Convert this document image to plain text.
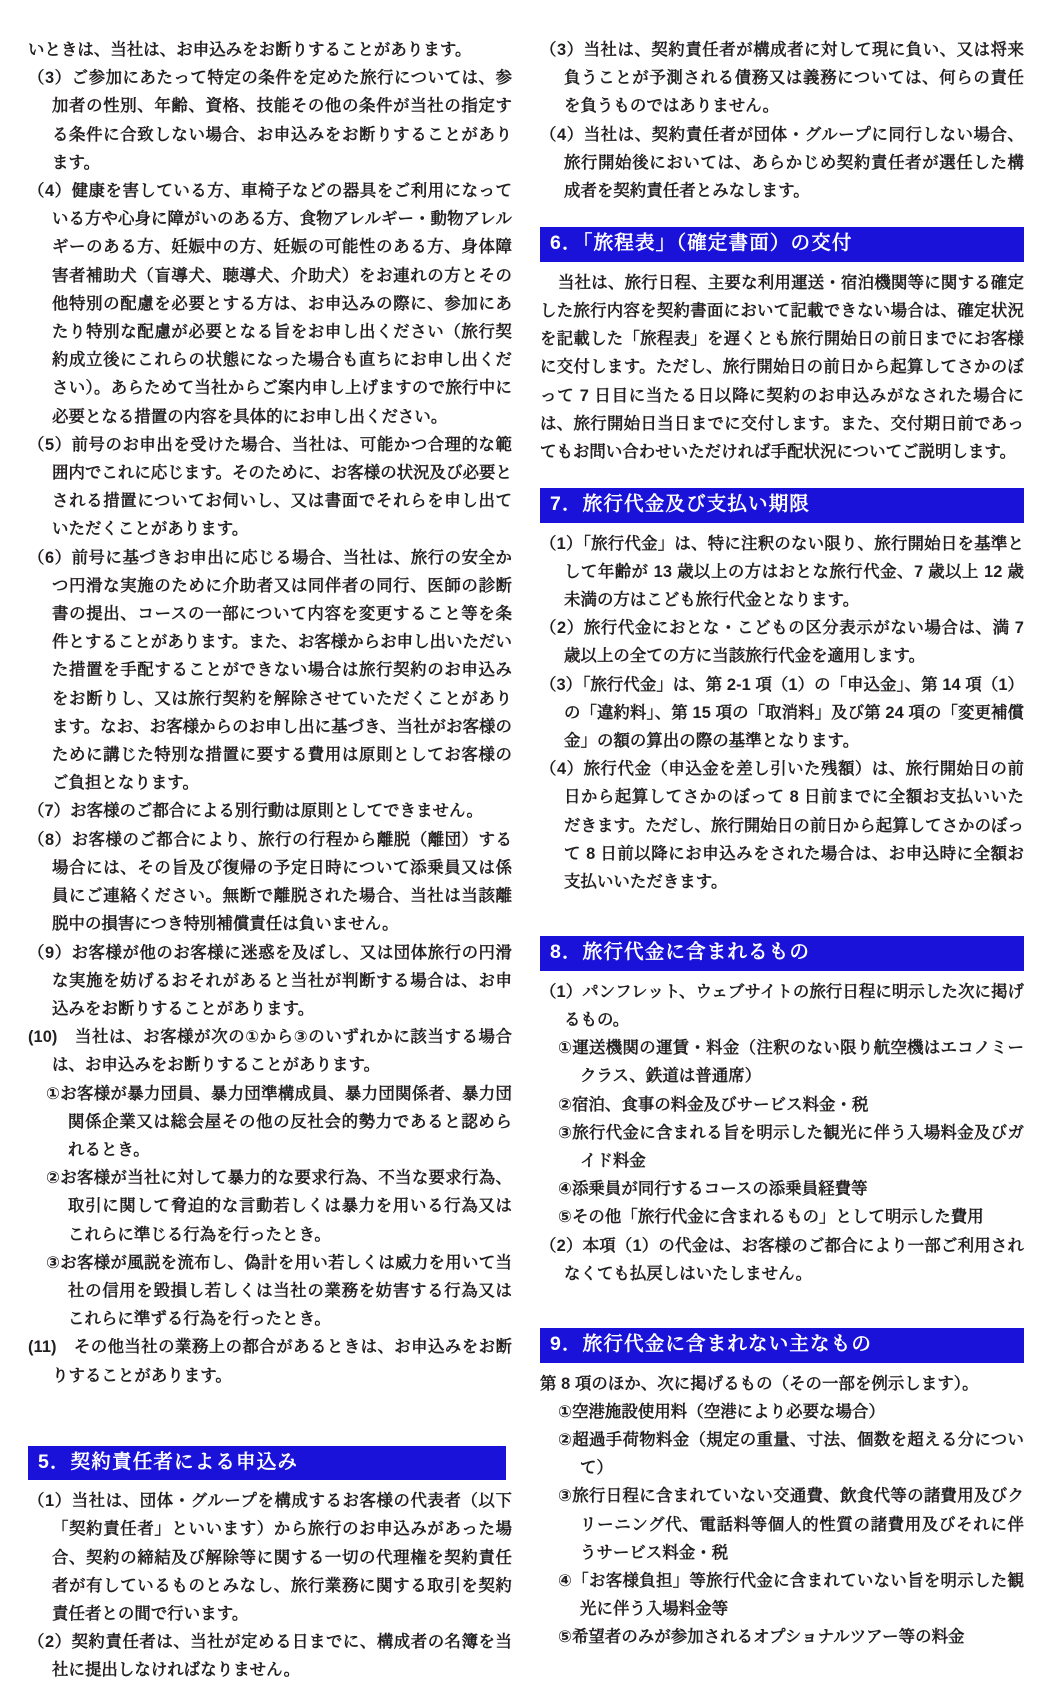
いときは、当社は、お申込みをお断りすることがあります。

（3）ご参加にあたって特定の条件を定めた旅行については、参加者の性別、年齢、資格、技能その他の条件が当社の指定する条件に合致しない場合、お申込みをお断りすることがあります。

（4）健康を害している方、車椅子などの器具をご利用になっている方や心身に障がいのある方、食物アレルギー・動物アレルギーのある方、妊娠中の方、妊娠の可能性のある方、身体障害者補助犬（盲導犬、聴導犬、介助犬）をお連れの方とその他特別の配慮を必要とする方は、お申込みの際に、参加にあたり特別な配慮が必要となる旨をお申し出ください（旅行契約成立後にこれらの状態になった場合も直ちにお申し出ください）。あらためて当社からご案内申し上げますので旅行中に必要となる措置の内容を具体的にお申し出ください。

（5）前号のお申出を受けた場合、当社は、可能かつ合理的な範囲内でこれに応じます。そのために、お客様の状況及び必要とされる措置についてお伺いし、又は書面でそれらを申し出ていただくことがあります。

（6）前号に基づきお申出に応じる場合、当社は、旅行の安全かつ円滑な実施のために介助者又は同伴者の同行、医師の診断書の提出、コースの一部について内容を変更すること等を条件とすることがあります。また、お客様からお申し出いただいた措置を手配することができない場合は旅行契約のお申込みをお断りし、又は旅行契約を解除させていただくことがあります。なお、お客様からのお申し出に基づき、当社がお客様のために講じた特別な措置に要する費用は原則としてお客様のご負担となります。

（7）お客様のご都合による別行動は原則としてできません。

（8）お客様のご都合により、旅行の行程から離脱（離団）する場合には、その旨及び復帰の予定日時について添乗員又は係員にご連絡ください。無断で離脱された場合、当社は当該離脱中の損害につき特別補償責任は負いません。

（9）お客様が他のお客様に迷惑を及ぼし、又は団体旅行の円滑な実施を妨げるおそれがあると当社が判断する場合は、お申込みをお断りすることがあります。

(10)　当社は、お客様が次の①から③のいずれかに該当する場合は、お申込みをお断りすることがあります。

①お客様が暴力団員、暴力団準構成員、暴力団関係者、暴力団関係企業又は総会屋その他の反社会的勢力であると認められるとき。

②お客様が当社に対して暴力的な要求行為、不当な要求行為、取引に関して脅迫的な言動若しくは暴力を用いる行為又はこれらに準じる行為を行ったとき。

③お客様が風説を流布し、偽計を用い若しくは威力を用いて当社の信用を毀損し若しくは当社の業務を妨害する行為又はこれらに準ずる行為を行ったとき。

(11)　その他当社の業務上の都合があるときは、お申込みをお断りすることがあります。

5．契約責任者による申込み

（1）当社は、団体・グループを構成するお客様の代表者（以下「契約責任者」といいます）から旅行のお申込みがあった場合、契約の締結及び解除等に関する一切の代理権を契約責任者が有しているものとみなし、旅行業務に関する取引を契約責任者との間で行います。

（2）契約責任者は、当社が定める日までに、構成者の名簿を当社に提出しなければなりません。

（3）当社は、契約責任者が構成者に対して現に負い、又は将来負うことが予測される債務又は義務については、何らの責任を負うものではありません。

（4）当社は、契約責任者が団体・グループに同行しない場合、旅行開始後においては、あらかじめ契約責任者が選任した構成者を契約責任者とみなします。

6．「旅程表」（確定書面）の交付

当社は、旅行日程、主要な利用運送・宿泊機関等に関する確定した旅行内容を契約書面において記載できない場合は、確定状況を記載した「旅程表」を遅くとも旅行開始日の前日までにお客様に交付します。ただし、旅行開始日の前日から起算してさかのぼって 7 日目に当たる日以降に契約のお申込みがなされた場合には、旅行開始日当日までに交付します。また、交付期日前であってもお問い合わせいただければ手配状況についてご説明します。

7．旅行代金及び支払い期限

（1）「旅行代金」は、特に注釈のない限り、旅行開始日を基準として年齢が 13 歳以上の方はおとな旅行代金、7 歳以上 12 歳未満の方はこども旅行代金となります。

（2）旅行代金におとな・こどもの区分表示がない場合は、満 7 歳以上の全ての方に当該旅行代金を適用します。

（3）「旅行代金」は、第 2-1 項（1）の「申込金」、第 14 項（1）の「違約料」、第 15 項の「取消料」及び第 24 項の「変更補償金」の額の算出の際の基準となります。

（4）旅行代金（申込金を差し引いた残額）は、旅行開始日の前日から起算してさかのぼって 8 日前までに全額お支払いいただきます。ただし、旅行開始日の前日から起算してさかのぼって 8 日前以降にお申込みをされた場合は、お申込時に全額お支払いいただきます。

8．旅行代金に含まれるもの

（1）パンフレット、ウェブサイトの旅行日程に明示した次に掲げるもの。

①運送機関の運賃・料金（注釈のない限り航空機はエコノミークラス、鉄道は普通席）

②宿泊、食事の料金及びサービス料金・税

③旅行代金に含まれる旨を明示した観光に伴う入場料金及びガイド料金

④添乗員が同行するコースの添乗員経費等

⑤その他「旅行代金に含まれるもの」として明示した費用

（2）本項（1）の代金は、お客様のご都合により一部ご利用されなくても払戻しはいたしません。

9．旅行代金に含まれない主なもの

第 8 項のほか、次に掲げるもの（その一部を例示します）。

①空港施設使用料（空港により必要な場合）

②超過手荷物料金（規定の重量、寸法、個数を超える分について）

③旅行日程に含まれていない交通費、飲食代等の諸費用及びクリーニング代、電話料等個人的性質の諸費用及びそれに伴うサービス料金・税

④「お客様負担」等旅行代金に含まれていない旨を明示した観光に伴う入場料金等

⑤希望者のみが参加されるオプショナルツアー等の料金
